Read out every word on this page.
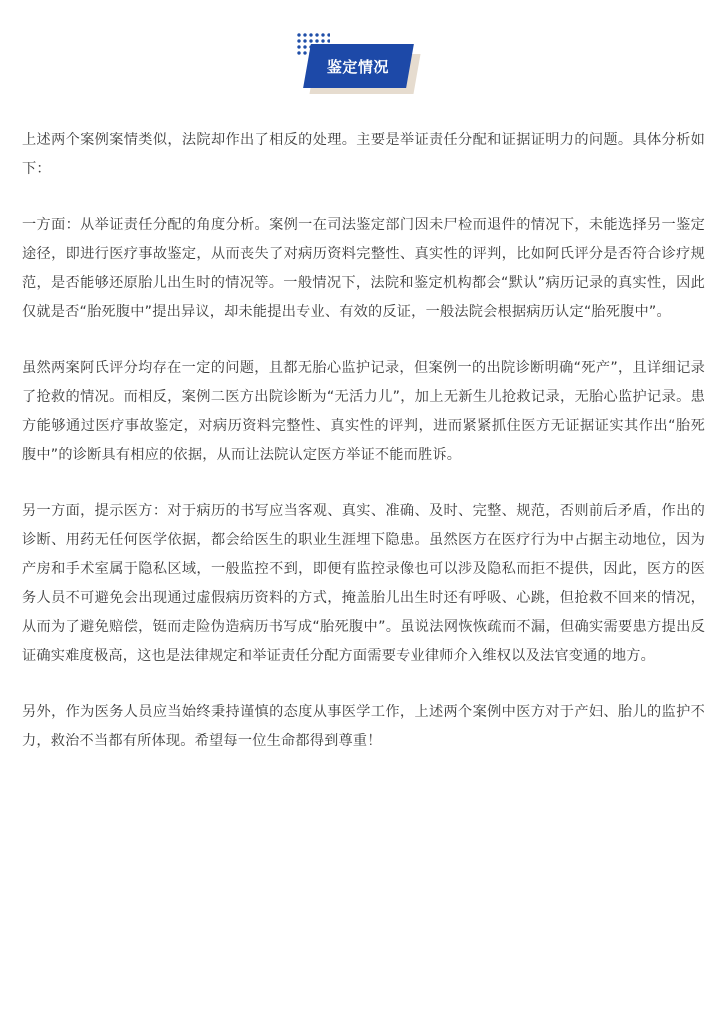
鉴定情况

上述两个案例案情类似，法院却作出了相反的处理。主要是举证责任分配和证据证明力的问题。具体分析如下：

一方面：从举证责任分配的角度分析。案例一在司法鉴定部门因未尸检而退件的情况下，未能选择另一鉴定途径，即进行医疗事故鉴定，从而丧失了对病历资料完整性、真实性的评判，比如阿氏评分是否符合诊疗规范，是否能够还原胎儿出生时的情况等。一般情况下，法院和鉴定机构都会“默认”病历记录的真实性，因此仅就是否“胎死腹中”提出异议，却未能提出专业、有效的反证，一般法院会根据病历认定“胎死腹中”。

虽然两案阿氏评分均存在一定的问题，且都无胎心监护记录，但案例一的出院诊断明确“死产”，且详细记录了抢救的情况。而相反，案例二医方出院诊断为“无活力儿”，加上无新生儿抢救记录，无胎心监护记录。患方能够通过医疗事故鉴定，对病历资料完整性、真实性的评判，进而紧紧抓住医方无证据证实其作出“胎死腹中”的诊断具有相应的依据，从而让法院认定医方举证不能而胜诉。

另一方面，提示医方：对于病历的书写应当客观、真实、准确、及时、完整、规范，否则前后矛盾，作出的诊断、用药无任何医学依据，都会给医生的职业生涯埋下隐患。虽然医方在医疗行为中占据主动地位，因为产房和手术室属于隐私区域，一般监控不到，即便有监控录像也可以涉及隐私而拒不提供，因此，医方的医务人员不可避免会出现通过虚假病历资料的方式，掩盖胎儿出生时还有呼吸、心跳，但抢救不回来的情况，从而为了避免赔偿，铤而走险伪造病历书写成“胎死腹中”。虽说法网恢恢疏而不漏，但确实需要患方提出反证确实难度极高，这也是法律规定和举证责任分配方面需要专业律师介入维权以及法官变通的地方。

另外，作为医务人员应当始终秉持谨慎的态度从事医学工作，上述两个案例中医方对于产妇、胎儿的监护不力，救治不当都有所体现。希望每一位生命都得到尊重！
